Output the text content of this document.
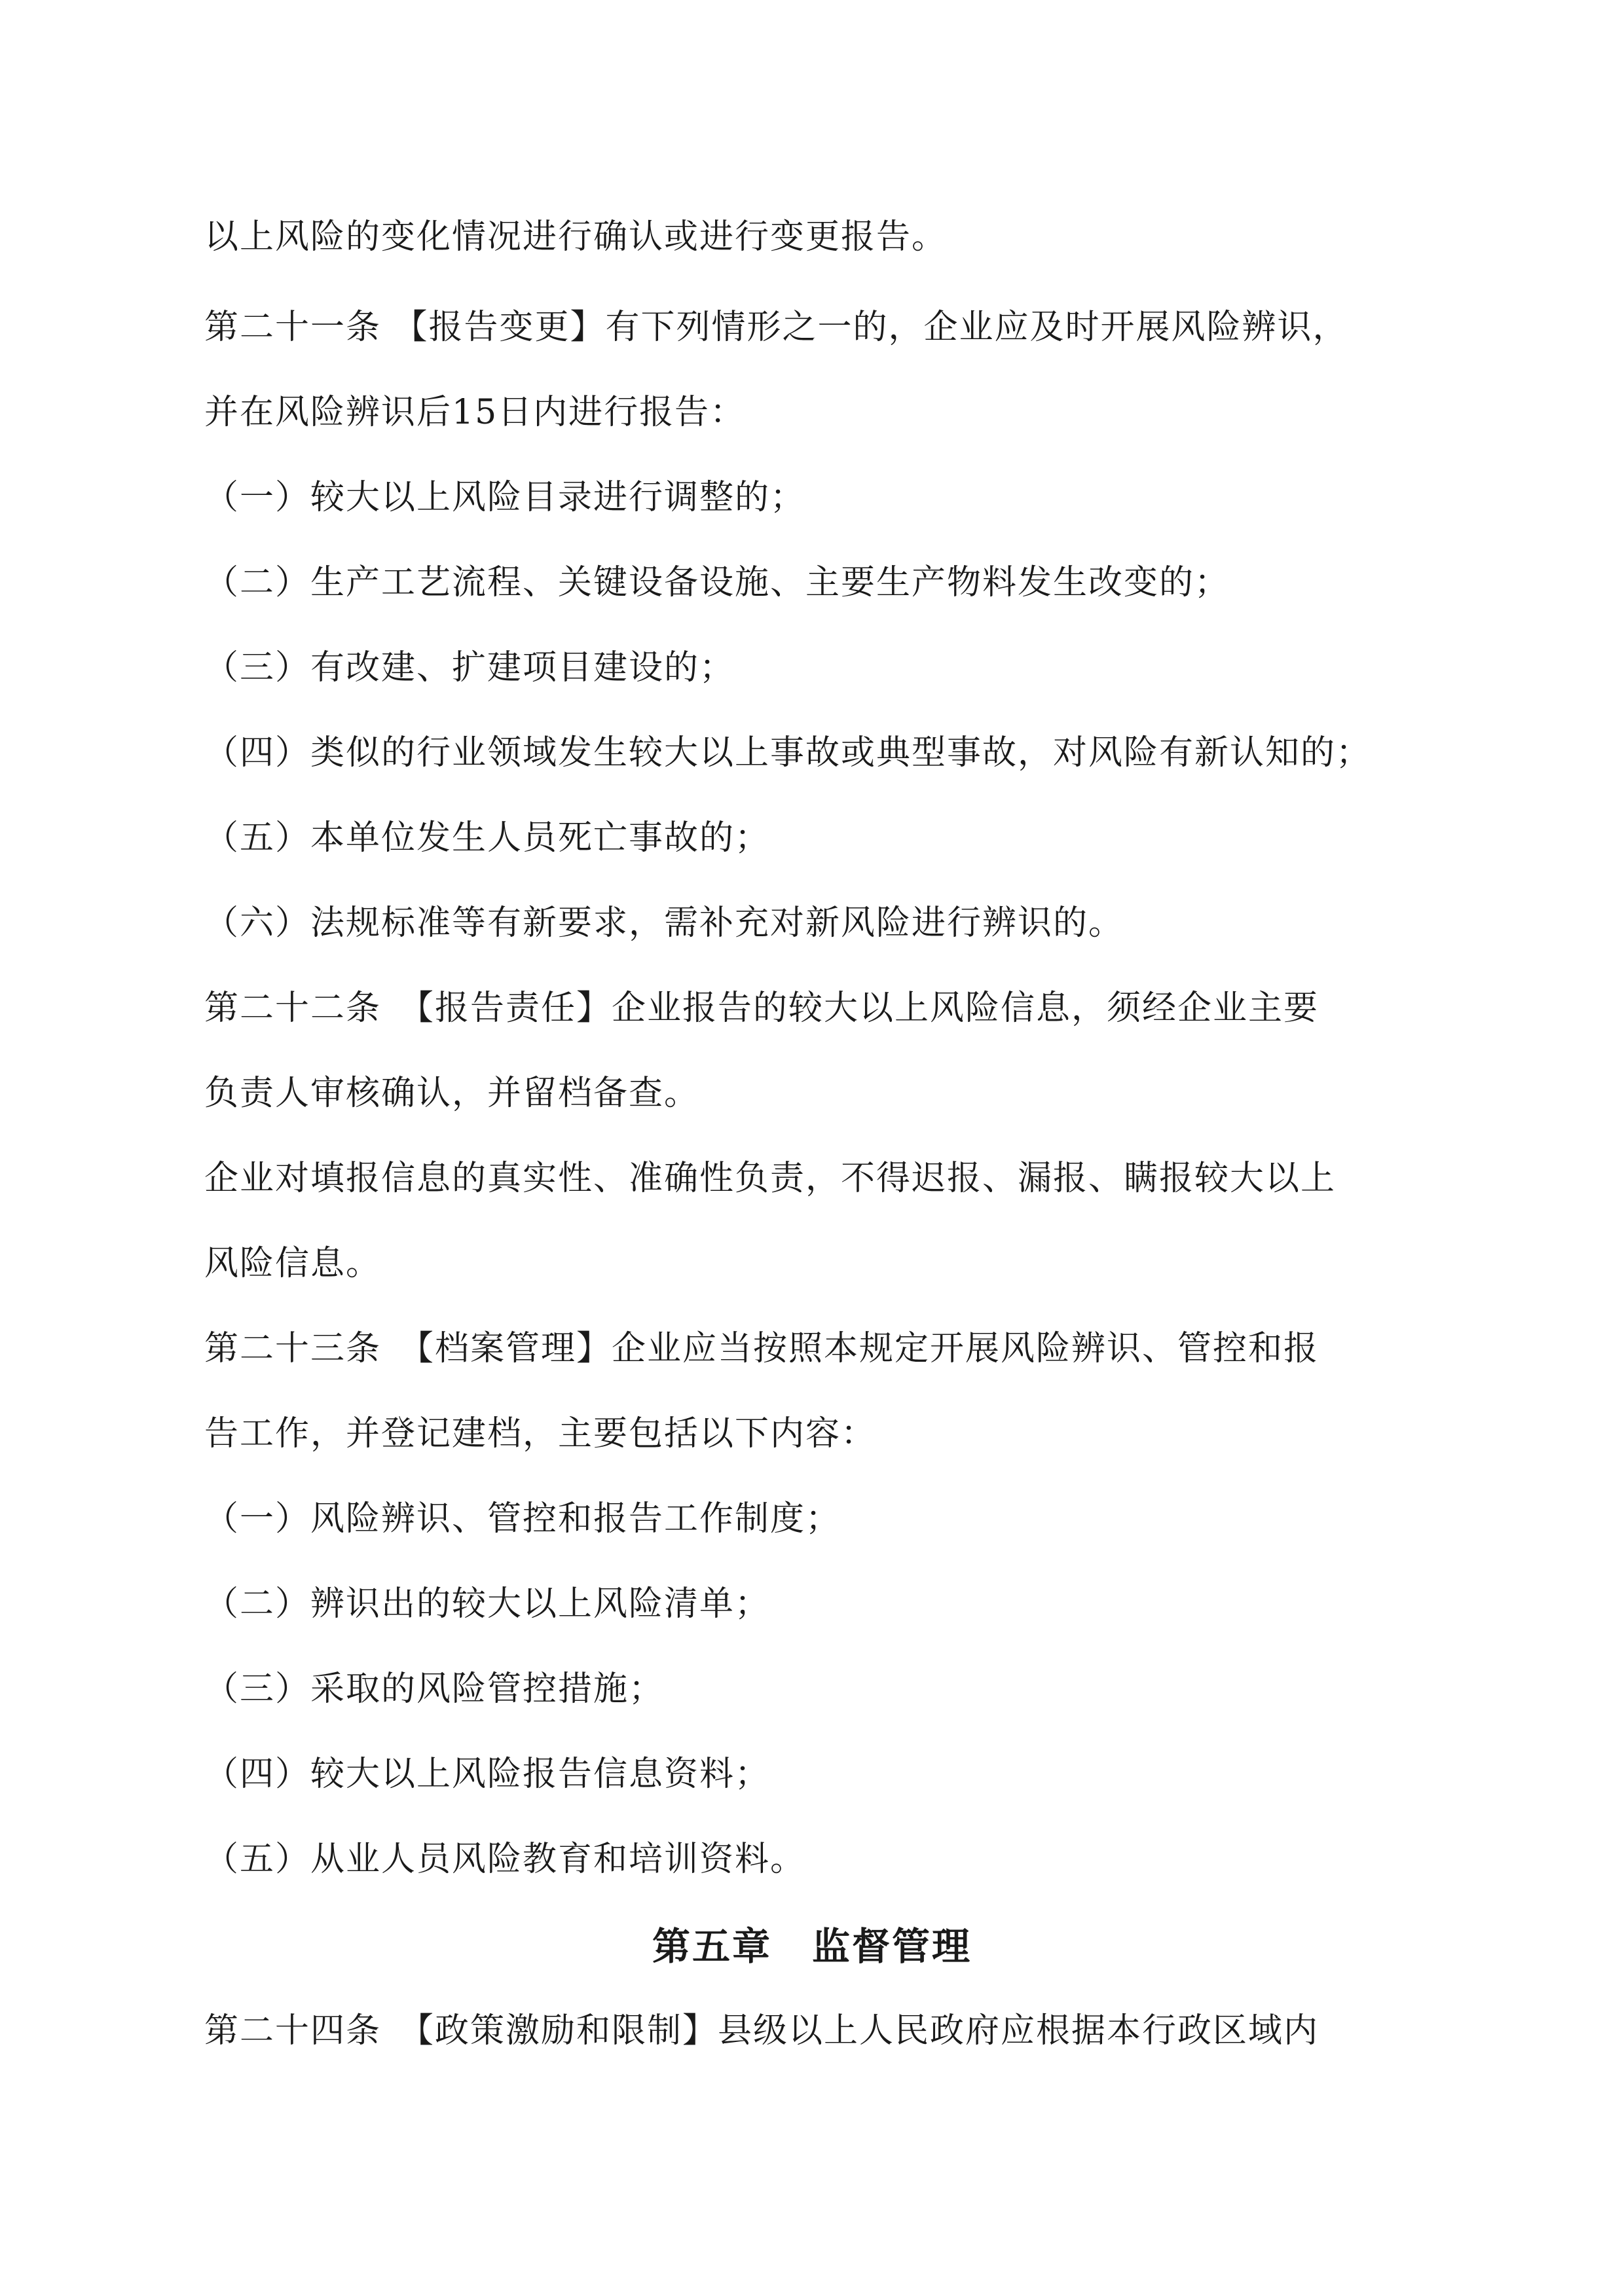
以上风险的变化情况进行确认或进行变更报告。
第二十一条 【报告变更】有下列情形之一的，企业应及时开展风险辨识，
并在风险辨识后15日内进行报告：
（一）较大以上风险目录进行调整的；
（二）生产工艺流程、关键设备设施、主要生产物料发生改变的；
（三）有改建、扩建项目建设的；
（四）类似的行业领域发生较大以上事故或典型事故，对风险有新认知的；
（五）本单位发生人员死亡事故的；
（六）法规标准等有新要求，需补充对新风险进行辨识的。
第二十二条　【报告责任】企业报告的较大以上风险信息，须经企业主要
负责人审核确认，并留档备查。
企业对填报信息的真实性、准确性负责，不得迟报、漏报、瞒报较大以上
风险信息。
第二十三条　【档案管理】企业应当按照本规定开展风险辨识、管控和报
告工作，并登记建档，主要包括以下内容：
（一）风险辨识、管控和报告工作制度；
（二）辨识出的较大以上风险清单；
（三）采取的风险管控措施；
（四）较大以上风险报告信息资料；
（五）从业人员风险教育和培训资料。
第五章　监督管理
第二十四条　【政策激励和限制】县级以上人民政府应根据本行政区域内
